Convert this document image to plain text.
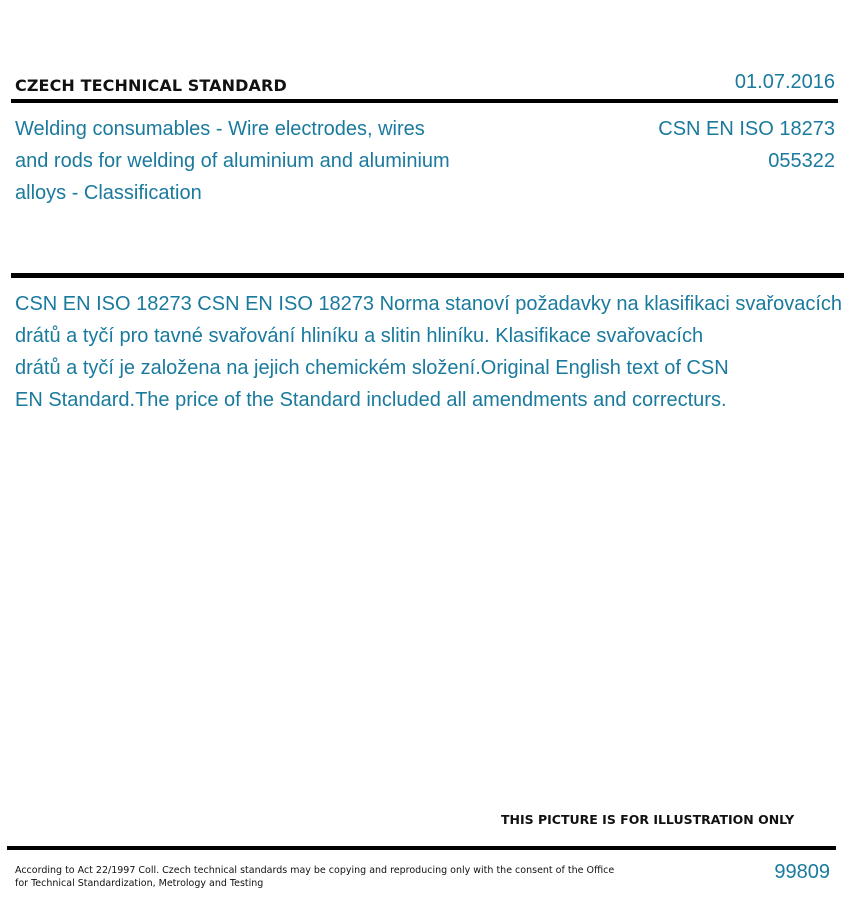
CZECH TECHNICAL STANDARD	01.07.2016
Welding consumables - Wire electrodes, wires
and rods for welding of aluminium and aluminium
alloys - Classification
CSN EN ISO 18273
055322
CSN EN ISO 18273 CSN EN ISO 18273 Norma stanoví požadavky na klasifikaci svařovacích
drátů a tyčí pro tavné svařování hliníku a slitin hliníku. Klasifikace svařovacích
drátů a tyčí je založena na jejich chemickém složení.Original English text of CSN
EN Standard.The price of the Standard included all amendments and correcturs.
THIS PICTURE IS FOR ILLUSTRATION ONLY
According to Act 22/1997 Coll. Czech technical standards may be copying and reproducing only with the consent of the Office
for Technical Standardization, Metrology and Testing
99809
